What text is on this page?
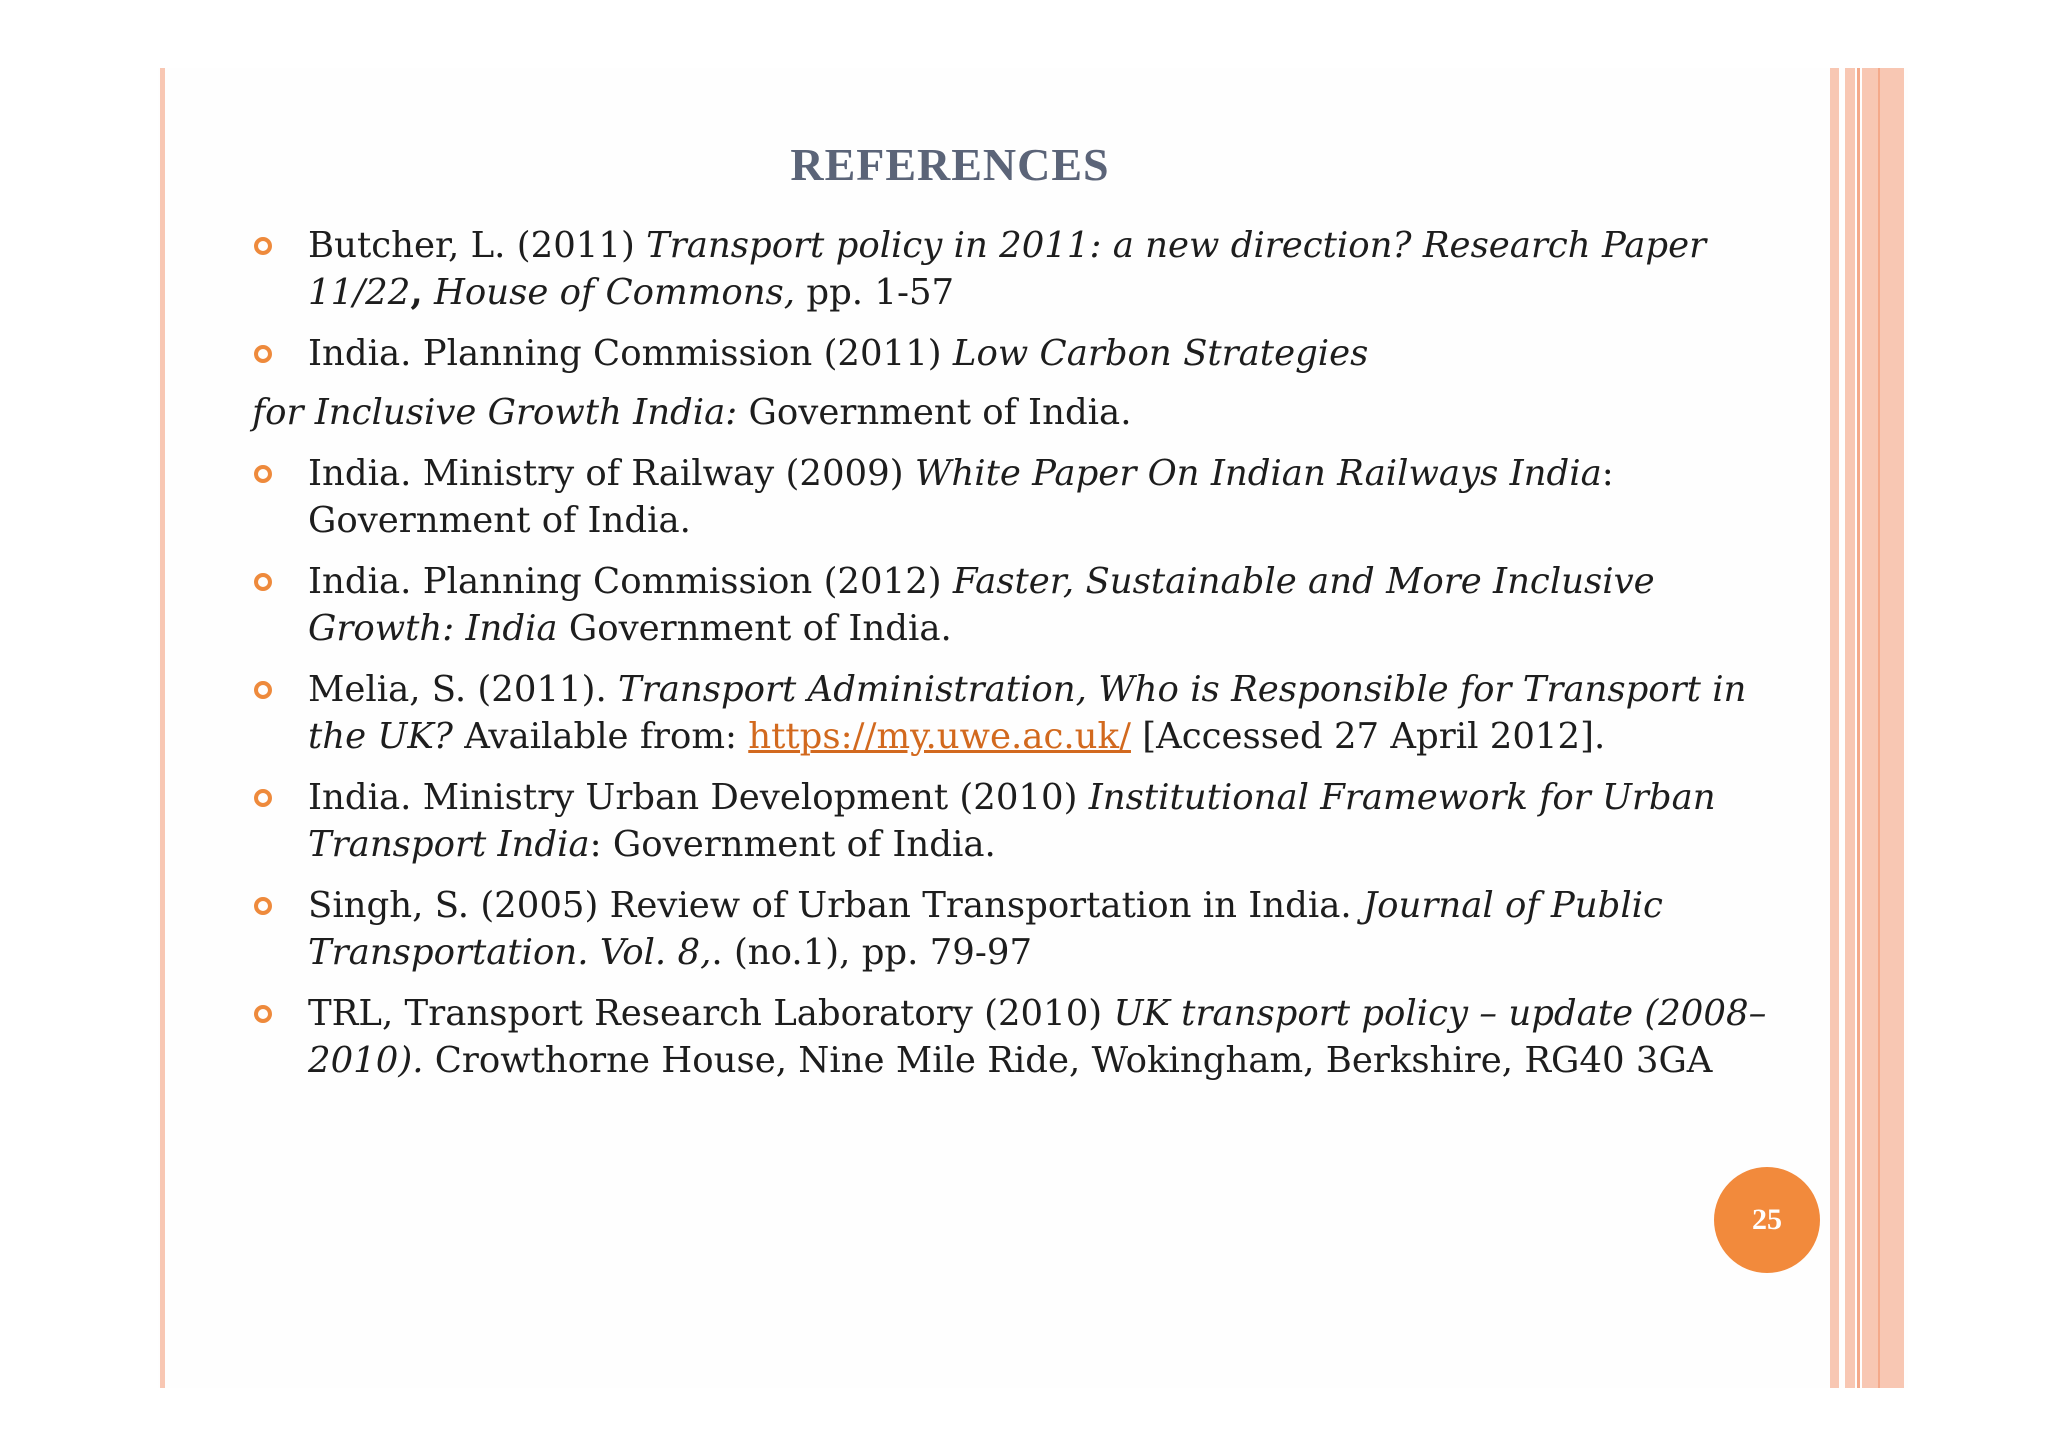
REFERENCES
Butcher, L. (2011) Transport policy in 2011: a new direction? Research Paper 11/22, House of Commons, pp. 1-57
India. Planning Commission (2011) Low Carbon Strategies
for Inclusive Growth India: Government of India.
India. Ministry of Railway (2009) White Paper On Indian Railways India: Government of India.
India. Planning Commission (2012) Faster, Sustainable and More Inclusive Growth: India Government of India.
Melia, S. (2011). Transport Administration, Who is Responsible for Transport in the UK? Available from: https://my.uwe.ac.uk/ [Accessed 27 April 2012].
India. Ministry Urban Development (2010) Institutional Framework for Urban Transport India: Government of India.
Singh, S. (2005) Review of Urban Transportation in India. Journal of Public Transportation. Vol. 8,. (no.1), pp. 79-97
TRL, Transport Research Laboratory (2010) UK transport policy – update (2008–2010). Crowthorne House, Nine Mile Ride, Wokingham, Berkshire, RG40 3GA
25
